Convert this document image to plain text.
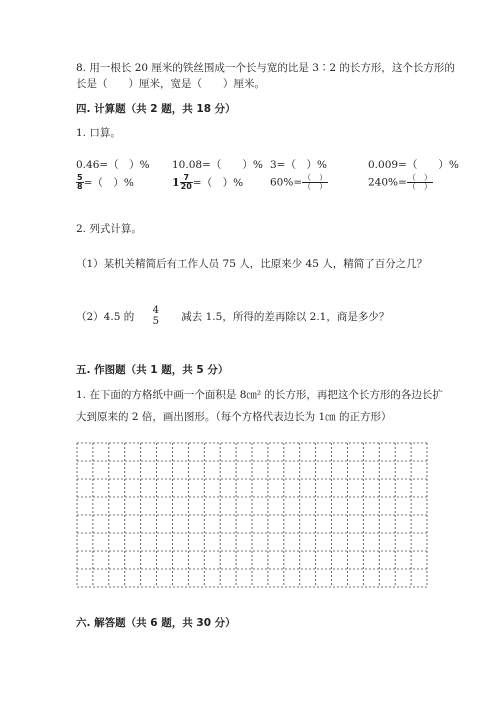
8. 用一根长 20 厘米的铁丝围成一个长与宽的比是 3∶2 的长方形，这个长方形的
长是（　　）厘米，宽是（　　）厘米。
四. 计算题（共 2 题，共 18 分）
1. 口算。
0.46=（　）% 10.08=（　　）% 3=（　）%	0.009=（　　）%
$\frac{5}{8}$ =（　）%	$1 \frac{7}{20}$ =（　）%	$60\%= \frac{( )}{( )}$	$240\%= \frac{( )}{( )}$
2. 列式计算。
（1）某机关精简后有工作人员 75 人，比原来少 45 人，精简了百分之几？
（2）4.5 的 $\frac{4}{5}$ 减去 1.5，所得的差再除以 2.1，商是多少？
五. 作图题（共 1 题，共 5 分）
1. 在下面的方格纸中画一个面积是 8㎝² 的长方形，再把这个长方形的各边长扩
大到原来的 2 倍，画出图形。（每个方格代表边长为 1㎝ 的正方形）
六. 解答题（共 6 题，共 30 分）
